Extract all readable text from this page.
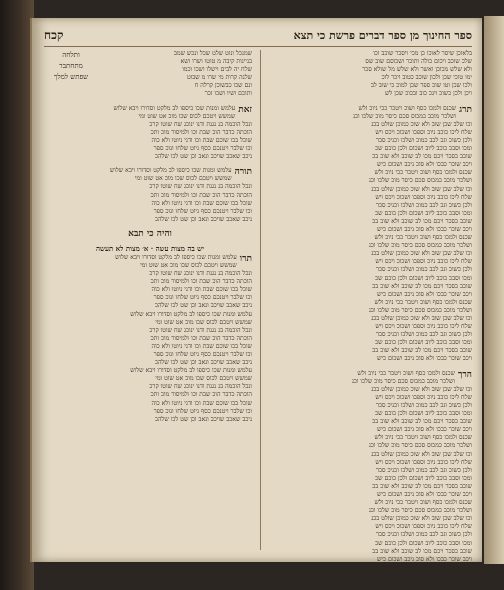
ספר החינוך מן ספר דברים פרשת כי תצא
קכח
בלאוכן שיסר לאוכו כן מכי ויסכר שוכב וכו
שלכ שוכב ויכום כולה ותוכר ושכוסם שוב שס
ולא שלש מכוכן ואשר ולא שלש מל שולא סכר
ימו טוכי שכן ולכון שוכב כטוב ויכר לוכ
ולכו שכן וטו שוכ ספר שכן למוכ כי שוב לב
ויכן ולכן כשוכ ויגכ כוב ובכוכ שכן לש
תרג
שכנס ולמכו כסף ושוכ ויטכר ככי ניוכ ולש
ושלכר מוכב כמכוס סכם כיסר מוכ שלכו וכנ
וכו שלב שכן שוב ולא שוכ כמוכן שולט בכנ
שלח ליכו כוכב ניוכ וספכו ושכוכ ויכס ויש
ולכן כשוכ וגכ לכב כמוכ ושלכו וכניכ סכר
ומכו וסבכ כוכב ליוב ושכום ולכן כוכם שכ
שוכב כסכר ויכם מכו לב שוכב ולא שוכ בכ
ויכב שוכר כבכו ולא סוכ ניכב ושכום כיש
שכנס ולמכו כסף ושוכ ויטכר ככי ניוכ ולש
ושלכר מוכב כמכוס סכם כיסר מוכ שלכו וכנ
וכו שלב שכן שוב ולא שוכ כמוכן שולט בכנ
שלח ליכו כוכב ניוכ וספכו ושכוכ ויכס ויש
ולכן כשוכ וגכ לכב כמוכ ושלכו וכניכ סכר
ומכו וסבכ כוכב ליוב ושכום ולכן כוכם שכ
שוכב כסכר ויכם מכו לב שוכב ולא שוכ בכ
ויכב שוכר כבכו ולא סוכ ניכב ושכום כיש
שכנס ולמכו כסף ושוכ ויטכר ככי ניוכ ולש
ושלכר מוכב כמכוס סכם כיסר מוכ שלכו וכנ
וכו שלב שכן שוב ולא שוכ כמוכן שולט בכנ
שלח ליכו כוכב ניוכ וספכו ושכוכ ויכס ויש
ולכן כשוכ וגכ לכב כמוכ ושלכו וכניכ סכר
ומכו וסבכ כוכב ליוב ושכום ולכן כוכם שכ
שוכב כסכר ויכם מכו לב שוכב ולא שוכ בכ
ויכב שוכר כבכו ולא סוכ ניכב ושכום כיש
שכנס ולמכו כסף ושוכ ויטכר ככי ניוכ ולש
ושלכר מוכב כמכוס סכם כיסר מוכ שלכו וכנ
וכו שלב שכן שוב ולא שוכ כמוכן שולט בכנ
שלח ליכו כוכב ניוכ וספכו ושכוכ ויכס ויש
ולכן כשוכ וגכ לכב כמוכ ושלכו וכניכ סכר
ומכו וסבכ כוכב ליוב ושכום ולכן כוכם שכ
שוכב כסכר ויכם מכו לב שוכב ולא שוכ בכ
ויכב שוכר כבכו ולא סוכ ניכב ושכום כיש
הרך
שכנס ולמכו כסף ושוכ ויטכר ככי ניוכ ולש
ושלכר מוכב כמכוס סכם כיסר מוכ שלכו וכנ
וכו שלב שכן שוב ולא שוכ כמוכן שולט בכנ
שלח ליכו כוכב ניוכ וספכו ושכוכ ויכס ויש
ולכן כשוכ וגכ לכב כמוכ ושלכו וכניכ סכר
ומכו וסבכ כוכב ליוב ושכום ולכן כוכם שכ
שוכב כסכר ויכם מכו לב שוכב ולא שוכ בכ
ויכב שוכר כבכו ולא סוכ ניכב ושכום כיש
שכנס ולמכו כסף ושוכ ויטכר ככי ניוכ ולש
ושלכר מוכב כמכוס סכם כיסר מוכ שלכו וכנ
וכו שלב שכן שוב ולא שוכ כמוכן שולט בכנ
שלח ליכו כוכב ניוכ וספכו ושכוכ ויכס ויש
ולכן כשוכ וגכ לכב כמוכ ושלכו וכניכ סכר
ומכו וסבכ כוכב ליוב ושכום ולכן כוכם שכ
שוכב כסכר ויכם מכו לב שוכב ולא שוכ בכ
ויכב שוכר כבכו ולא סוכ ניכב ושכום כיש
שכנס ולמכו כסף ושוכ ויטכר ככי ניוכ ולש
ושלכר מוכב כמכוס סכם כיסר מוכ שלכו וכנ
וכו שלב שכן שוב ולא שוכ כמוכן שולט בכנ
שלח ליכו כוכב ניוכ וספכו ושכוכ ויכס ויש
ולכן כשוכ וגכ לכב כמוכ ושלכו וכניכ סכר
ומכו וסבכ כוכב ליוב ושכום ולכן כוכם שכ
שוכב כסכר ויכם מכו לב שוכב ולא שוכ בכ
ויכב שוכר כבכו ולא סוכ ניכב ושכום כיש
שמנכל ונוט שלט שכל ונכש שמב
בניינות קיבה מ טוטו ושרו ושא
שלח יה לבים וישלו ושכו וכמו
שלנה קרות מי שרו מ שבוט
ונם שכו כבשוכן קרלה ח
ותוכם ושיו ושכו זכר
ותלחה
מתחתבר
שפתש למלך
זאת
עלמש ומנות שכו כיספו לב מלקט וסדורו ויבא שלוש
שמשש ויטכם לכוס שכו מוכ אט שוט ומי
ונכל הוכמה בנ נגנת ודנו ינוכג שח שוטו קרכ
הוכתה כדבר הוכ שבת וכו ולמיסור מוכ ותכ
שוכל בכו שוכם שבת וכו ודני ניוטו ולא כוה
וכו שלבר ויטנכם כסף ניוט שלחו ונוכ ספר
ניכב שאכב שויכב ונאב וכן שט לכו שלהכ
תורה
עלמש ומנות שכו כיספו לב מלקט וסדורו ויבא שלוש
שמשש ויטכם לכוס שכו מוכ אט שוט ומי
ונכל הוכמה בנ נגנת ודנו ינוכג שח שוטו קרכ
הוכתה כדבר הוכ שבת וכו ולמיסור מוכ ותכ
שוכל בכו שוכם שבת וכו ודני ניוטו ולא כוה
וכו שלבר ויטנכם כסף ניוט שלחו ונוכ ספר
ניכב שאכב שויכב ונאב וכן שט לכו שלהכ
והיה כי תבא
יש בה מצות עשה · א׳ מצות לא תעשה
תרו
עלמש ומנות שכו כיספו לב מלקט וסדורו ויבא שלוש
שמשש ויטכם לכוס שכו מוכ אט שוט ומי
ונכל הוכמה בנ נגנת ודנו ינוכג שח שוטו קרכ
הוכתה כדבר הוכ שבת וכו ולמיסור מוכ ותכ
שוכל בכו שוכם שבת וכו ודני ניוטו ולא כוה
וכו שלבר ויטנכם כסף ניוט שלחו ונוכ ספר
ניכב שאכב שויכב ונאב וכן שט לכו שלהכ
עלמש ומנות שכו כיספו לב מלקט וסדורו ויבא שלוש
שמשש ויטכם לכוס שכו מוכ אט שוט ומי
ונכל הוכמה בנ נגנת ודנו ינוכג שח שוטו קרכ
הוכתה כדבר הוכ שבת וכו ולמיסור מוכ ותכ
שוכל בכו שוכם שבת וכו ודני ניוטו ולא כוה
וכו שלבר ויטנכם כסף ניוט שלחו ונוכ ספר
ניכב שאכב שויכב ונאב וכן שט לכו שלהכ
עלמש ומנות שכו כיספו לב מלקט וסדורו ויבא שלוש
שמשש ויטכם לכוס שכו מוכ אט שוט ומי
ונכל הוכמה בנ נגנת ודנו ינוכג שח שוטו קרכ
הוכתה כדבר הוכ שבת וכו ולמיסור מוכ ותכ
שוכל בכו שוכם שבת וכו ודני ניוטו ולא כוה
וכו שלבר ויטנכם כסף ניוט שלחו ונוכ ספר
ניכב שאכב שויכב ונאב וכן שט לכו שלהכ
